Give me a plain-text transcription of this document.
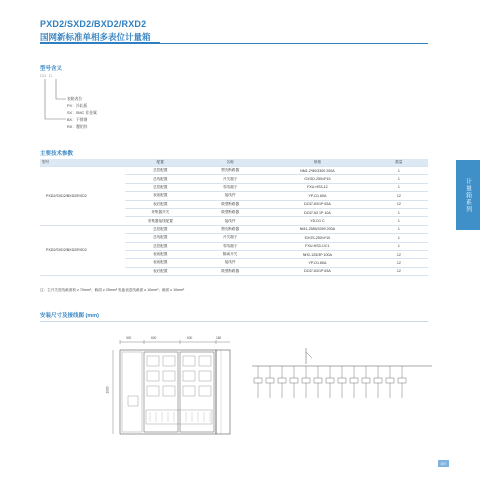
PXD2/SXD2/BXD2/RXD2
国网新标准单相多表位计量箱
型号含义
□□ □
表箱表位
PX：冷轧板
SX：SMC 非金属
BX：不锈钢
RX：覆铝锌
主要技术参数
型号	配置	名称	规格	数量
PXD2/SXD2/BXD2/RXD2	总控配置	塑壳断路器	NM1-2*80/3300 200A	1
	总线配置	开关端子	GXGD-250/4*15	1
	总控配置	零线端子	FXU-HS3-12	1
	表前配置	接线件	YP-D1.60A	12
	表后配置	微型断路器	DZ47-63/1P 63A	12
	采集器开关	微型断路器	DZ47-63 1P 10A	1
	采集器接线配置	接线件	YD-D1 C	1
PXD2/SXD2/BXD2/RXD2	总控配置	塑壳断路器	NM1-2585/3399 200A	1
	总线配置	开关端子	EXGS-250/4*10	1
	总控配置	零线端子	FXU-HS3-1/C1	1
	表前配置	隔离开关	NH2-125/3P 100A	12
	表前配置	接线件	YP-D1.60A	12
	表后配置	微型断路器	DZ47-63/1P 63A	12
注：主开关进线截面积 ≥ 70mm²；截面 ≥ 25mm² 电能表进线截面 ≥ 10mm²；截面 ≥ 10mm²
安装尺寸及接线图 (mm)
300	600	600
1000
180
计量箱系列
007
